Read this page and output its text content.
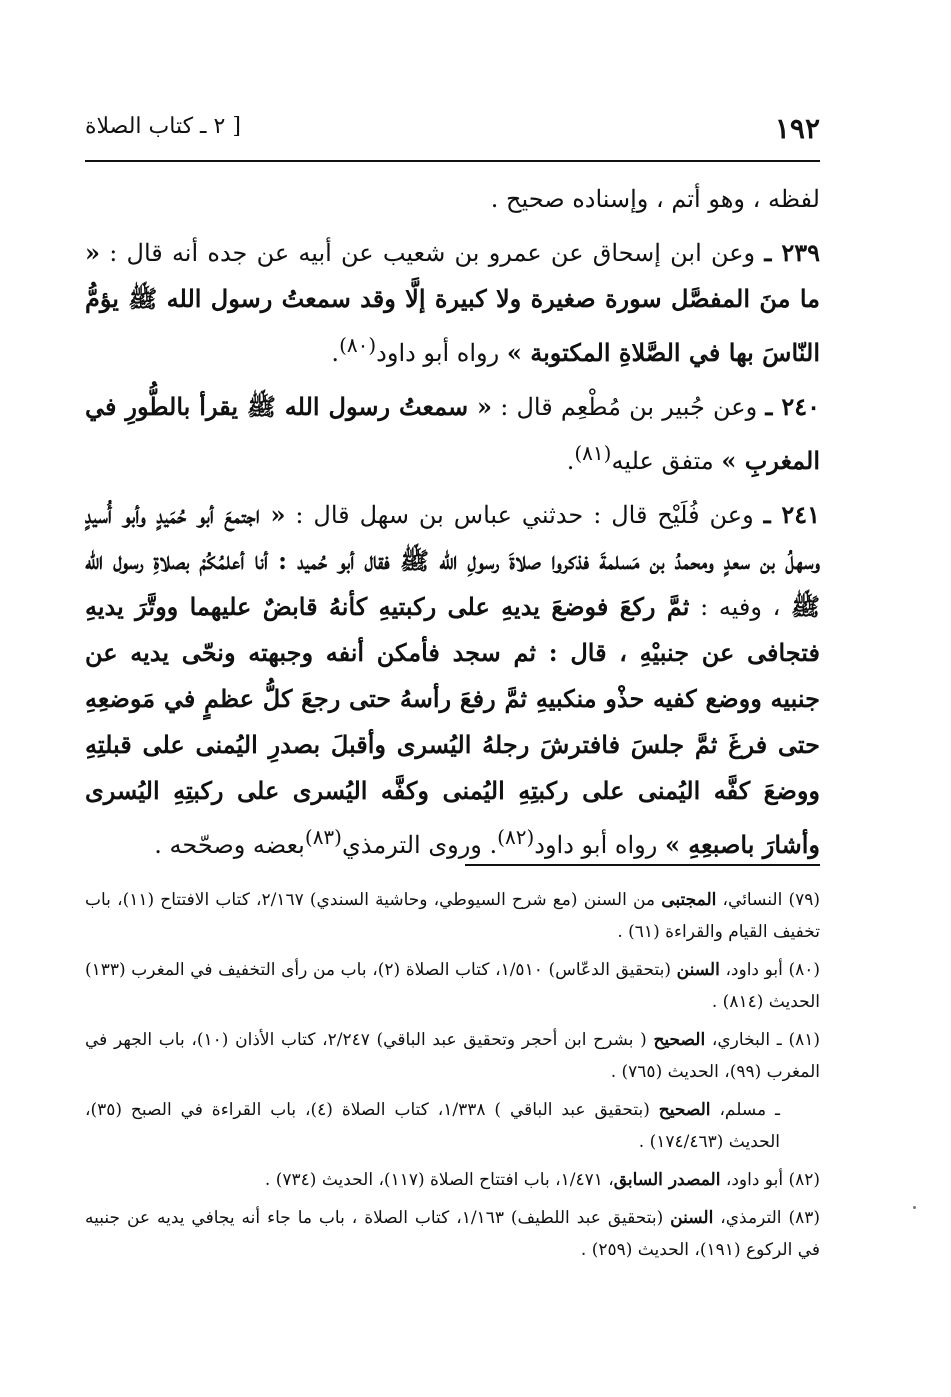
١٩٢
[ ٢ ـ كتاب الصلاة

لفظه ، وهو أتم ، وإسناده صحيح .

٢٣٩ ـ وعن ابن إسحاق عن عمرو بن شعيب عن أبيه عن جده أنه قال : « ما منَ المفصَّل سورة صغيرة ولا كبيرة إلَّا وقد سمعتُ رسول الله ﷺ يؤمُّ النّاسَ بها في الصَّلاةِ المكتوبة » رواه أبو داود$^{(٨٠)}$.

٢٤٠ ـ وعن جُبير بن مُطْعِم قال : « سمعتُ رسول الله ﷺ يقرأ بالطُّورِ في المغربِ » متفق عليه$^{(٨١)}$.

٢٤١ ـ وعن فُلَيْح قال : حدثني عباس بن سهل قال : « اجتمعَ أبو حُمَيدٍ وأبو أُسيدٍ وسهلُ بن سعدٍ ومحمدُ بن مَسلمةَ فذكروا صلاةَ رسولِ الله ﷺ فقال أبو حُميد : أنا أعلمُكُمْ بصلاةِ رسول الله ﷺ ، وفيه : ثمَّ ركعَ فوضعَ يديهِ على ركبتيهِ كأنهُ قابضٌ عليهما ووتَّرَ يديهِ فتجافى عن جنبيْهِ ، قال : ثم سجد فأمكن أنفه وجبهته ونحّى يديه عن جنبيه ووضع كفيه حذْو منكبيهِ ثمَّ رفعَ رأسهُ حتى رجعَ كلُّ عظمٍ في مَوضعِهِ حتى فرغَ ثمَّ جلسَ فافترشَ رجلهُ اليُسرى وأقبلَ بصدرِ اليُمنى على قبلتِهِ ووضعَ كفَّه اليُمنى على ركبتِهِ اليُمنى وكفَّه اليُسرى على ركبتِهِ اليُسرى وأشارَ باصبعِهِ » رواه أبو داود$^{(٨٢)}$. وروى الترمذي$^{(٨٣)}$بعضه وصحّحه .

(٧٩) النسائي، المجتبى من السنن (مع شرح السيوطي، وحاشية السندي) ٢/١٦٧، كتاب الافتتاح (١١)، باب تخفيف القيام والقراءة (٦١) .
(٨٠) أبو داود، السنن (بتحقيق الدعّاس) ١/٥١٠، كتاب الصلاة (٢)، باب من رأى التخفيف في المغرب (١٣٣) الحديث (٨١٤) .
(٨١) ـ البخاري، الصحيح ( بشرح ابن أحجر وتحقيق عبد الباقي) ٢/٢٤٧، كتاب الأذان (١٠)، باب الجهر في المغرب (٩٩)، الحديث (٧٦٥) .
ـ مسلم، الصحيح (بتحقيق عبد الباقي ) ١/٣٣٨، كتاب الصلاة (٤)، باب القراءة في الصبح (٣٥)، الحديث (١٧٤/٤٦٣) .
(٨٢) أبو داود، المصدر السابق، ١/٤٧١، باب افتتاح الصلاة (١١٧)، الحديث (٧٣٤) .
(٨٣) الترمذي، السنن (بتحقيق عبد اللطيف) ١/١٦٣، كتاب الصلاة ، باب ما جاء أنه يجافي يديه عن جنبيه في الركوع (١٩١)، الحديث (٢٥٩) .
